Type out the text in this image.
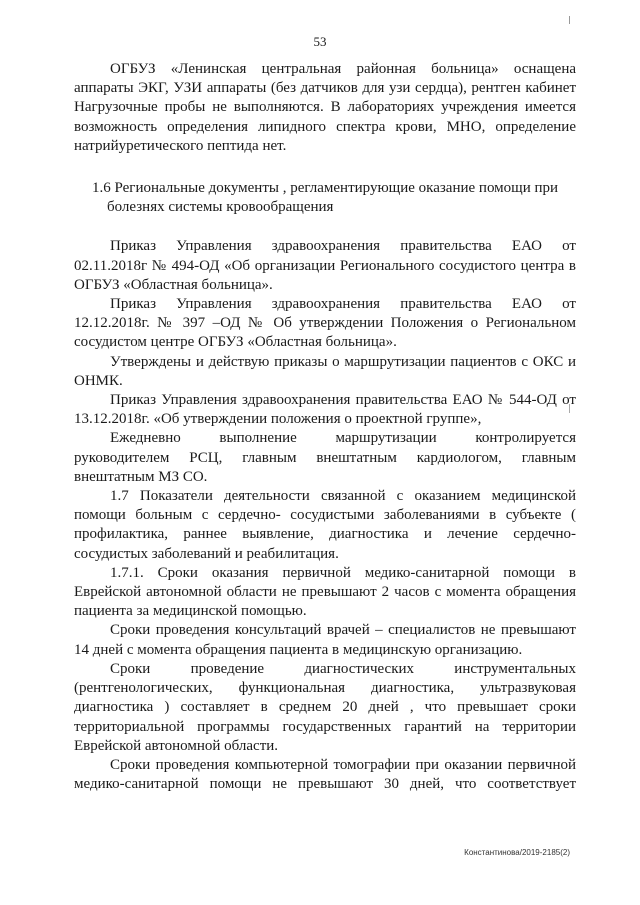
53

ОГБУЗ «Ленинская центральная районная больница» оснащена

аппараты ЭКГ, УЗИ аппараты (без датчиков для узи сердца), рентген кабинет

Нагрузочные пробы не выполняются. В лабораториях учреждения имеется

возможность определения липидного спектра крови, МНО, определение

натрийуретического пептида нет.

1.6 Региональные документы , регламентирующие оказание помощи при
болезнях системы кровообращения

Приказ Управления здравоохранения правительства ЕАО от

02.11.2018г № 494-ОД «Об организации Регионального сосудистого центра в

ОГБУЗ «Областная больница».

Приказ Управления здравоохранения правительства ЕАО от

12.12.2018г. № 397 –ОД № Об утверждении Положения о Региональном

сосудистом центре ОГБУЗ «Областная больница».

Утверждены и действую приказы о маршрутизации пациентов с ОКС и

ОНМК.

Приказ Управления здравоохранения правительства ЕАО № 544-ОД от

13.12.2018г. «Об утверждении положения о проектной группе»,

Ежедневно выполнение маршрутизации контролируется

руководителем РСЦ, главным внештатным кардиологом, главным

внештатным МЗ СО.

1.7 Показатели деятельности связанной с оказанием медицинской

помощи больным с сердечно- сосудистыми заболеваниями в субъекте (

профилактика, раннее выявление, диагностика и лечение сердечно-

сосудистых заболеваний и реабилитация.

1.7.1. Сроки оказания первичной медико-санитарной помощи в

Еврейской автономной области не превышают 2 часов с момента обращения

пациента за медицинской помощью.

Сроки проведения консультаций врачей – специалистов не превышают

14 дней с момента обращения пациента в медицинскую организацию.

Сроки проведение диагностических инструментальных

(рентгенологических, функциональная диагностика, ультразвуковая

диагностика ) составляет в среднем 20 дней , что превышает сроки

территориальной программы государственных гарантий на территории

Еврейской автономной области.

Сроки проведения компьютерной томографии при оказании первичной

медико-санитарной помощи не превышают 30 дней, что соответствует

Константинова/2019-2185(2)
